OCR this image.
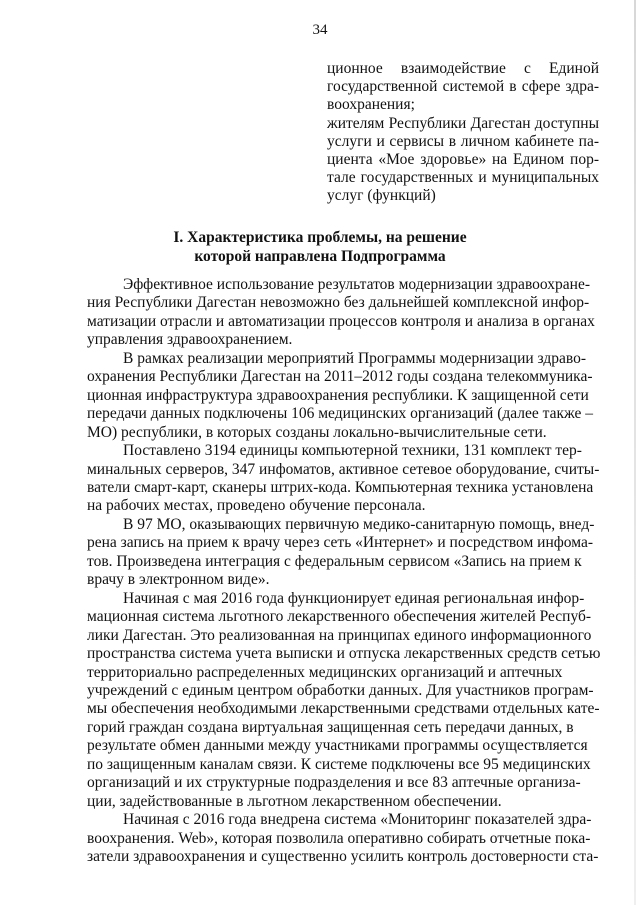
34

ционное взаимодействие с Единой

государственной системой в сфере здра-

воохранения;

жителям Республики Дагестан доступны

услуги и сервисы в личном кабинете па-

циента «Мое здоровье» на Едином пор-

тале государственных и муниципальных

услуг (функций)

I. Характеристика проблемы, на решение
которой направлена Подпрограмма

Эффективное использование результатов модернизации здравоохране-
ния Республики Дагестан невозможно без дальнейшей комплексной инфор-
матизации отрасли и автоматизации процессов контроля и анализа в органах
управления здравоохранением.

В рамках реализации мероприятий Программы модернизации здраво-
охранения Республики Дагестан на 2011–2012 годы создана телекоммуника-
ционная инфраструктура здравоохранения республики. К защищенной сети
передачи данных подключены 106 медицинских организаций (далее также –
МО) республики, в которых созданы локально-вычислительные сети.

Поставлено 3194 единицы компьютерной техники, 131 комплект тер-
минальных серверов, 347 инфоматов, активное сетевое оборудование, считы-
ватели смарт-карт, сканеры штрих-кода. Компьютерная техника установлена
на рабочих местах, проведено обучение персонала.

В 97 МО, оказывающих первичную медико-санитарную помощь, внед-
рена запись на прием к врачу через сеть «Интернет» и посредством инфома-
тов. Произведена интеграция с федеральным сервисом «Запись на прием к
врачу в электронном виде».

Начиная с мая 2016 года функционирует единая региональная инфор-
мационная система льготного лекарственного обеспечения жителей Респуб-
лики Дагестан. Это реализованная на принципах единого информационного
пространства система учета выписки и отпуска лекарственных средств сетью
территориально распределенных медицинских организаций и аптечных
учреждений с единым центром обработки данных. Для участников програм-
мы обеспечения необходимыми лекарственными средствами отдельных кате-
горий граждан создана виртуальная защищенная сеть передачи данных, в
результате обмен данными между участниками программы осуществляется
по защищенным каналам связи. К системе подключены все 95 медицинских
организаций и их структурные подразделения и все 83 аптечные организа-
ции, задействованные в льготном лекарственном обеспечении.

Начиная с 2016 года внедрена система «Мониторинг показателей здра-
воохранения. Web», которая позволила оперативно собирать отчетные пока-
затели здравоохранения и существенно усилить контроль достоверности ста-
